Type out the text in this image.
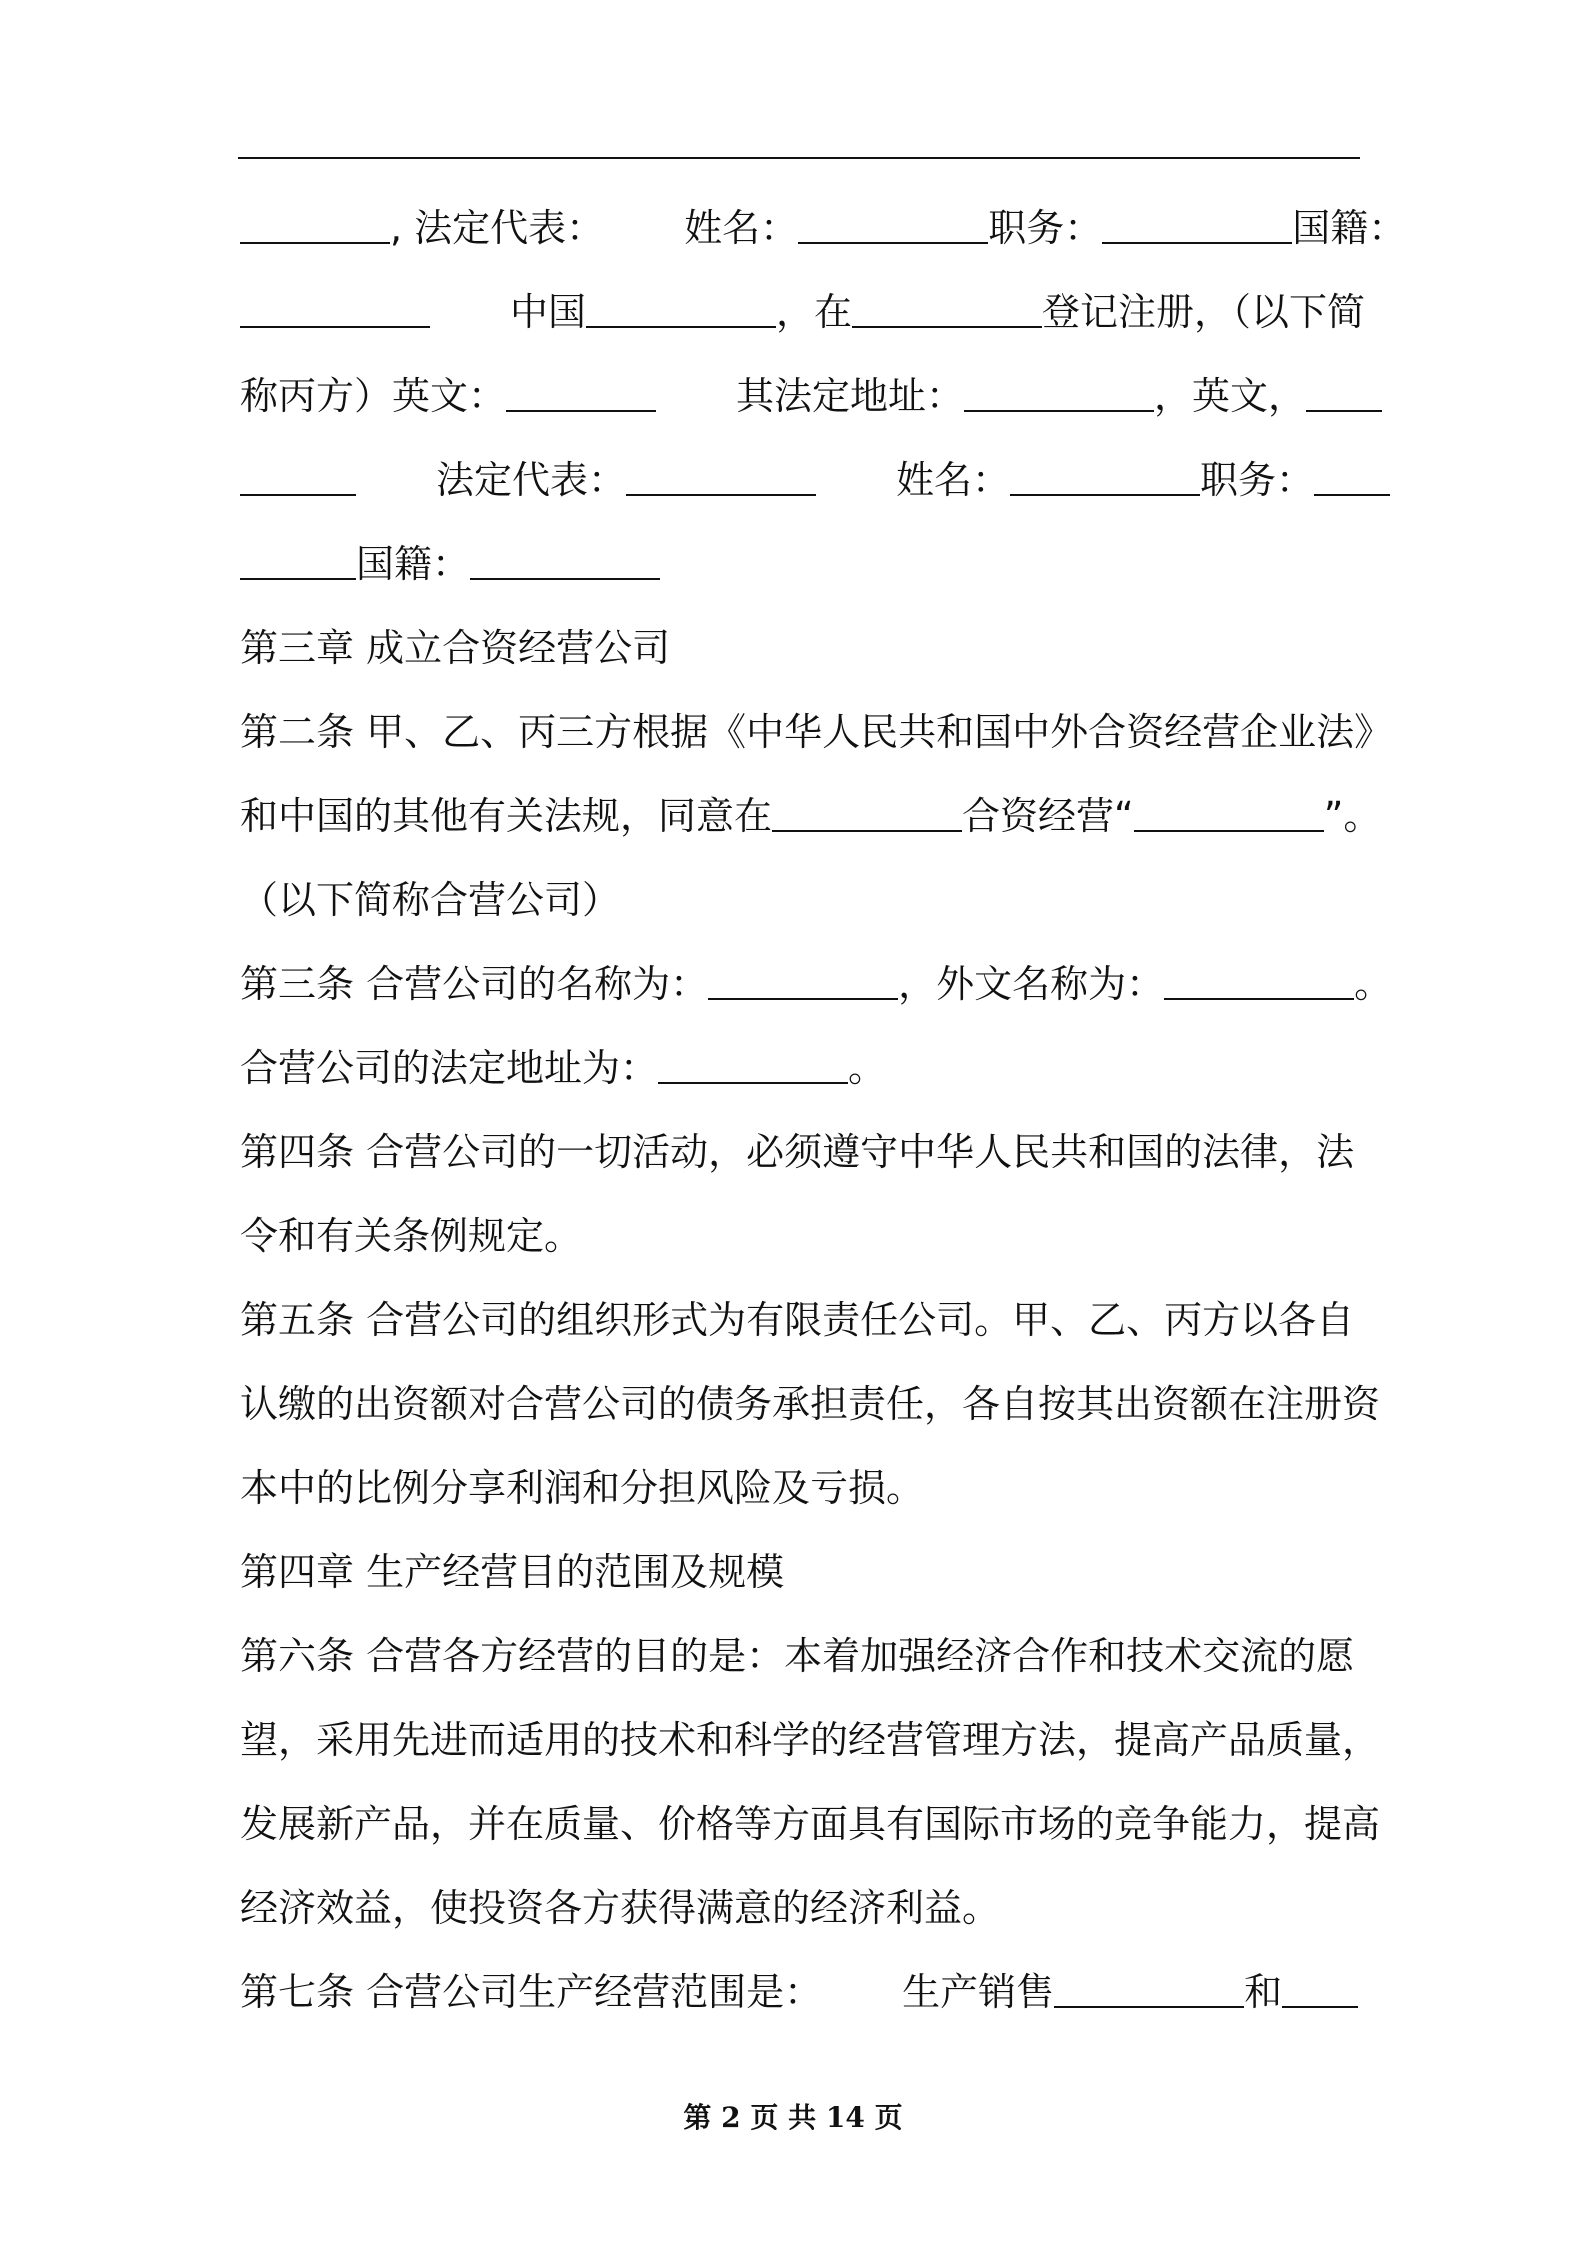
, 法定代表： 姓名：	职务：	国籍：
中国	，在	登记注册，（以下简
称丙方）英文：	其法定地址：	，英文，
法定代表：	姓名：	职务：
国籍：
第三章 成立合资经营公司
第二条 甲、乙、丙三方根据《中华人民共和国中外合资经营企业法》
和中国的其他有关法规，同意在	合资经营“	”。
（以下简称合营公司）
第三条 合营公司的名称为：	，外文名称为：	。
合营公司的法定地址为：	。
第四条 合营公司的一切活动，必须遵守中华人民共和国的法律，法
令和有关条例规定。
第五条 合营公司的组织形式为有限责任公司。甲、乙、丙方以各自
认缴的出资额对合营公司的债务承担责任，各自按其出资额在注册资
本中的比例分享利润和分担风险及亏损。
第四章 生产经营目的范围及规模
第六条 合营各方经营的目的是：本着加强经济合作和技术交流的愿
望，采用先进而适用的技术和科学的经营管理方法，提高产品质量，
发展新产品，并在质量、价格等方面具有国际市场的竞争能力，提高
经济效益，使投资各方获得满意的经济利益。
第七条 合营公司生产经营范围是： 生产销售	和
第 2 页 共 14 页
